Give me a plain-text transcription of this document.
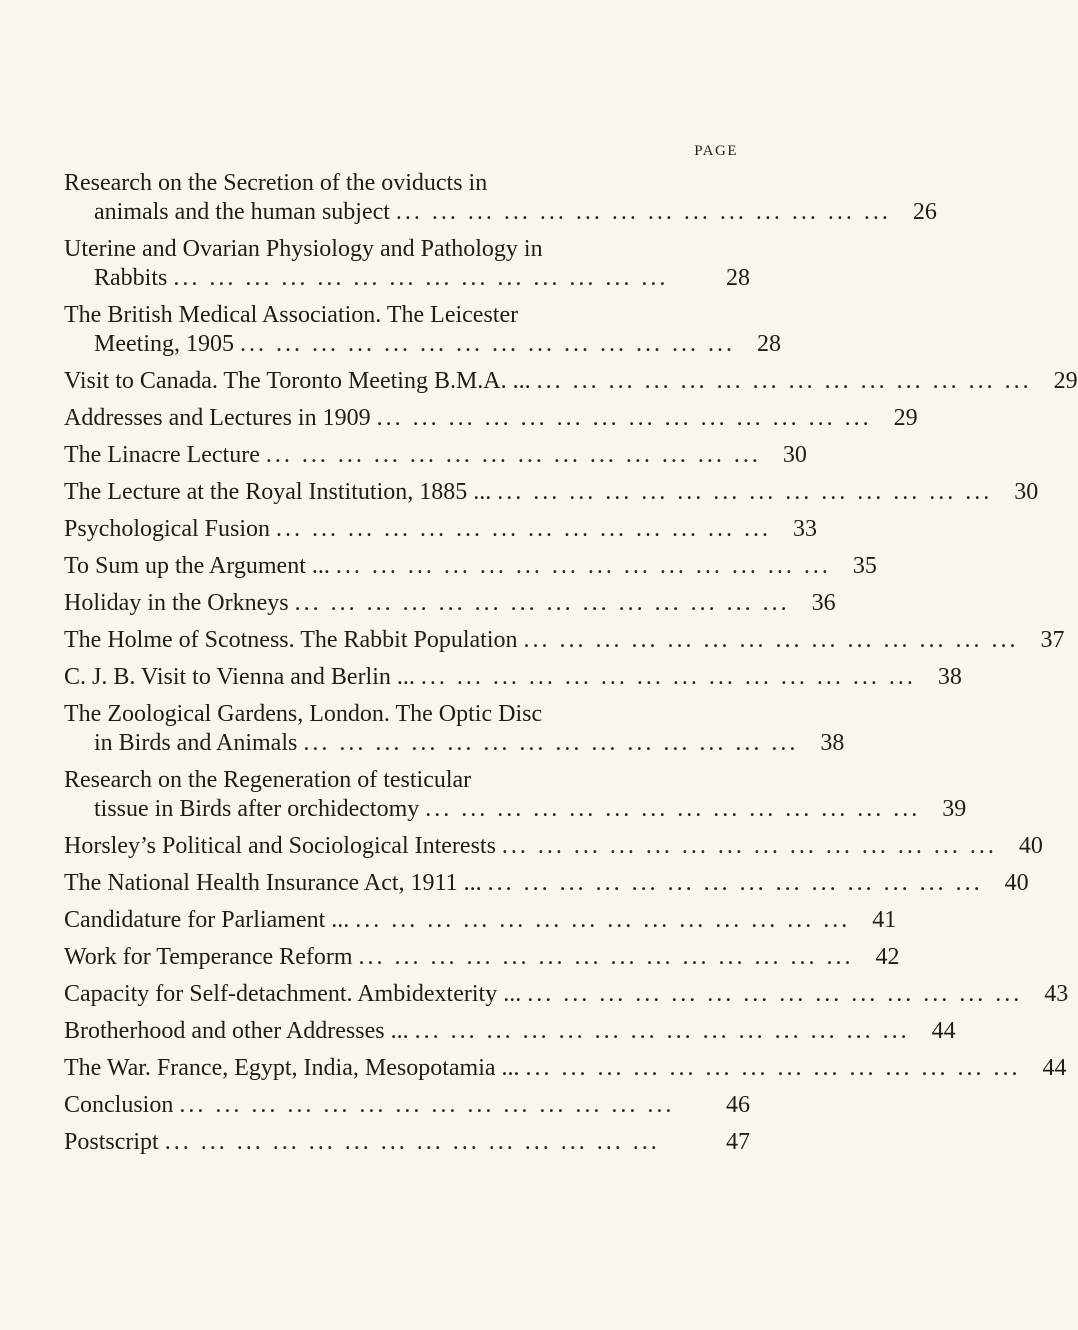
PAGE
Research on the Secretion of the oviducts in
animals and the human subject ... ... ... ... ... ... ... ... ... ... ... ... ... ... 26
Uterine and Ovarian Physiology and Pathology in
Rabbits ... ... ... ... ... ... ... ... ... ... ... ... ... ...	28
The British Medical Association. The Leicester
Meeting, 1905 ... ... ... ... ... ... ... ... ... ... ... ... ... ... 28
Visit to Canada. The Toronto Meeting B.M.A. ... ... ... ... ... ... ... ... ... ... ... ... ... ... ... 29
Addresses and Lectures in 1909 ... ... ... ... ... ... ... ... ... ... ... ... ... ... 29
The Linacre Lecture ... ... ... ... ... ... ... ... ... ... ... ... ... ... 30
The Lecture at the Royal Institution, 1885 ... ... ... ... ... ... ... ... ... ... ... ... ... ... ... 30
Psychological Fusion ... ... ... ... ... ... ... ... ... ... ... ... ... ... 33
To Sum up the Argument ... ... ... ... ... ... ... ... ... ... ... ... ... ... ... 35
Holiday in the Orkneys ... ... ... ... ... ... ... ... ... ... ... ... ... ... 36
The Holme of Scotness. The Rabbit Population ... ... ... ... ... ... ... ... ... ... ... ... ... ... 37
C. J. B. Visit to Vienna and Berlin ... ... ... ... ... ... ... ... ... ... ... ... ... ... ... 38
The Zoological Gardens, London. The Optic Disc
in Birds and Animals ... ... ... ... ... ... ... ... ... ... ... ... ... ... 38
Research on the Regeneration of testicular
tissue in Birds after orchidectomy ... ... ... ... ... ... ... ... ... ... ... ... ... ... 39
Horsley’s Political and Sociological Interests ... ... ... ... ... ... ... ... ... ... ... ... ... ... 40
The National Health Insurance Act, 1911 ... ... ... ... ... ... ... ... ... ... ... ... ... ... ... 40
Candidature for Parliament ... ... ... ... ... ... ... ... ... ... ... ... ... ... ... 41
Work for Temperance Reform ... ... ... ... ... ... ... ... ... ... ... ... ... ... 42
Capacity for Self-detachment. Ambidexterity ... ... ... ... ... ... ... ... ... ... ... ... ... ... ... 43
Brotherhood and other Addresses ... ... ... ... ... ... ... ... ... ... ... ... ... ... ... 44
The War. France, Egypt, India, Mesopotamia ... ... ... ... ... ... ... ... ... ... ... ... ... ... ... 44
Conclusion ... ... ... ... ... ... ... ... ... ... ... ... ... ...	46
Postscript ... ... ... ... ... ... ... ... ... ... ... ... ... ...	47
